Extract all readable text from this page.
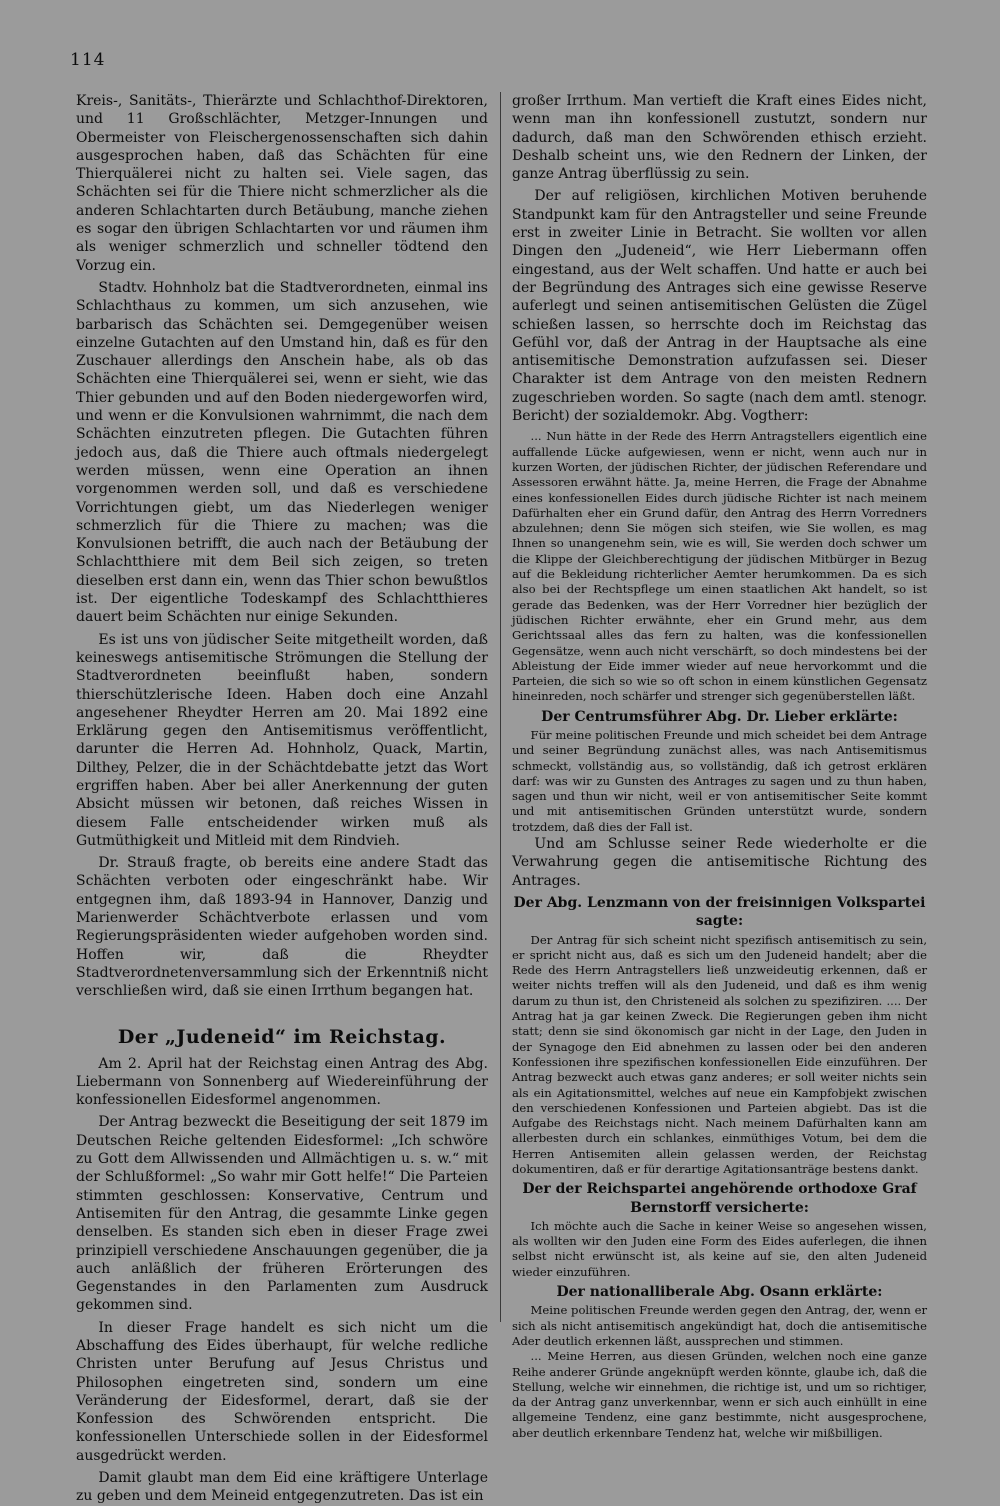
114

Kreis-, Sanitäts-, Thierärzte und Schlachthof-Direktoren, und 11 Großschlächter, Metzger-Innungen und Obermeister von Fleischergenossenschaften sich dahin ausgesprochen haben, daß das Schächten für eine Thierquälerei nicht zu halten sei. Viele sagen, das Schächten sei für die Thiere nicht schmerzlicher als die anderen Schlachtarten durch Betäubung, manche ziehen es sogar den übrigen Schlachtarten vor und räumen ihm als weniger schmerzlich und schneller tödtend den Vorzug ein.

Stadtv. Hohnholz bat die Stadtverordneten, einmal ins Schlachthaus zu kommen, um sich anzusehen, wie barbarisch das Schächten sei. Demgegenüber weisen einzelne Gutachten auf den Umstand hin, daß es für den Zuschauer allerdings den Anschein habe, als ob das Schächten eine Thierquälerei sei, wenn er sieht, wie das Thier gebunden und auf den Boden niedergeworfen wird, und wenn er die Konvulsionen wahrnimmt, die nach dem Schächten einzutreten pflegen. Die Gutachten führen jedoch aus, daß die Thiere auch oftmals niedergelegt werden müssen, wenn eine Operation an ihnen vorgenommen werden soll, und daß es verschiedene Vorrichtungen giebt, um das Niederlegen weniger schmerzlich für die Thiere zu machen; was die Konvulsionen betrifft, die auch nach der Betäubung der Schlachtthiere mit dem Beil sich zeigen, so treten dieselben erst dann ein, wenn das Thier schon bewußtlos ist. Der eigentliche Todeskampf des Schlachtthieres dauert beim Schächten nur einige Sekunden.

Es ist uns von jüdischer Seite mitgetheilt worden, daß keineswegs antisemitische Strömungen die Stellung der Stadtverordneten beeinflußt haben, sondern thierschützlerische Ideen. Haben doch eine Anzahl angesehener Rheydter Herren am 20. Mai 1892 eine Erklärung gegen den Antisemitismus veröffentlicht, darunter die Herren Ad. Hohnholz, Quack, Martin, Dilthey, Pelzer, die in der Schächtdebatte jetzt das Wort ergriffen haben. Aber bei aller Anerkennung der guten Absicht müssen wir betonen, daß reiches Wissen in diesem Falle entscheidender wirken muß als Gutmüthigkeit und Mitleid mit dem Rindvieh.

Dr. Strauß fragte, ob bereits eine andere Stadt das Schächten verboten oder eingeschränkt habe. Wir entgegnen ihm, daß 1893-94 in Hannover, Danzig und Marienwerder Schächtverbote erlassen und vom Regierungspräsidenten wieder aufgehoben worden sind. Hoffen wir, daß die Rheydter Stadtverordnetenversammlung sich der Erkenntniß nicht verschließen wird, daß sie einen Irrthum begangen hat.

Der „Judeneid“ im Reichstag.

Am 2. April hat der Reichstag einen Antrag des Abg. Liebermann von Sonnenberg auf Wiedereinführung der konfessionellen Eidesformel angenommen.

Der Antrag bezweckt die Beseitigung der seit 1879 im Deutschen Reiche geltenden Eidesformel: „Ich schwöre zu Gott dem Allwissenden und Allmächtigen u. s. w.“ mit der Schlußformel: „So wahr mir Gott helfe!“ Die Parteien stimmten geschlossen: Konservative, Centrum und Antisemiten für den Antrag, die gesammte Linke gegen denselben. Es standen sich eben in dieser Frage zwei prinzipiell verschiedene Anschauungen gegenüber, die ja auch anläßlich der früheren Erörterungen des Gegenstandes in den Parlamenten zum Ausdruck gekommen sind.

In dieser Frage handelt es sich nicht um die Abschaffung des Eides überhaupt, für welche redliche Christen unter Berufung auf Jesus Christus und Philosophen eingetreten sind, sondern um eine Veränderung der Eidesformel, derart, daß sie der Konfession des Schwörenden entspricht. Die konfessionellen Unterschiede sollen in der Eidesformel ausgedrückt werden.

Damit glaubt man dem Eid eine kräftigere Unterlage zu geben und dem Meineid entgegenzutreten. Das ist ein

großer Irrthum. Man vertieft die Kraft eines Eides nicht, wenn man ihn konfessionell zustutzt, sondern nur dadurch, daß man den Schwörenden ethisch erzieht. Deshalb scheint uns, wie den Rednern der Linken, der ganze Antrag überflüssig zu sein.

Der auf religiösen, kirchlichen Motiven beruhende Standpunkt kam für den Antragsteller und seine Freunde erst in zweiter Linie in Betracht. Sie wollten vor allen Dingen den „Judeneid“, wie Herr Liebermann offen eingestand, aus der Welt schaffen. Und hatte er auch bei der Begründung des Antrages sich eine gewisse Reserve auferlegt und seinen antisemitischen Gelüsten die Zügel schießen lassen, so herrschte doch im Reichstag das Gefühl vor, daß der Antrag in der Hauptsache als eine antisemitische Demonstration aufzufassen sei. Dieser Charakter ist dem Antrage von den meisten Rednern zugeschrieben worden. So sagte (nach dem amtl. stenogr. Bericht) der sozialdemokr. Abg. Vogtherr:

... Nun hätte in der Rede des Herrn Antragstellers eigentlich eine auffallende Lücke aufgewiesen, wenn er nicht, wenn auch nur in kurzen Worten, der jüdischen Richter, der jüdischen Referendare und Assessoren erwähnt hätte. Ja, meine Herren, die Frage der Abnahme eines konfessionellen Eides durch jüdische Richter ist nach meinem Dafürhalten eher ein Grund dafür, den Antrag des Herrn Vorredners abzulehnen; denn Sie mögen sich steifen, wie Sie wollen, es mag Ihnen so unangenehm sein, wie es will, Sie werden doch schwer um die Klippe der Gleichberechtigung der jüdischen Mitbürger in Bezug auf die Bekleidung richterlicher Aemter herumkommen. Da es sich also bei der Rechtspflege um einen staatlichen Akt handelt, so ist gerade das Bedenken, was der Herr Vorredner hier bezüglich der jüdischen Richter erwähnte, eher ein Grund mehr, aus dem Gerichtssaal alles das fern zu halten, was die konfessionellen Gegensätze, wenn auch nicht verschärft, so doch mindestens bei der Ableistung der Eide immer wieder auf neue hervorkommt und die Parteien, die sich so wie so oft schon in einem künstlichen Gegensatz hineinreden, noch schärfer und strenger sich gegenüberstellen läßt.

Der Centrumsführer Abg. Dr. Lieber erklärte:

Für meine politischen Freunde und mich scheidet bei dem Antrage und seiner Begründung zunächst alles, was nach Antisemitismus schmeckt, vollständig aus, so vollständig, daß ich getrost erklären darf: was wir zu Gunsten des Antrages zu sagen und zu thun haben, sagen und thun wir nicht, weil er von antisemitischer Seite kommt und mit antisemitischen Gründen unterstützt wurde, sondern trotzdem, daß dies der Fall ist.

Und am Schlusse seiner Rede wiederholte er die Verwahrung gegen die antisemitische Richtung des Antrages.

Der Abg. Lenzmann von der freisinnigen Volkspartei sagte:

Der Antrag für sich scheint nicht spezifisch antisemitisch zu sein, er spricht nicht aus, daß es sich um den Judeneid handelt; aber die Rede des Herrn Antragstellers ließ unzweideutig erkennen, daß er weiter nichts treffen will als den Judeneid, und daß es ihm wenig darum zu thun ist, den Christeneid als solchen zu spezifiziren. .... Der Antrag hat ja gar keinen Zweck. Die Regierungen geben ihm nicht statt; denn sie sind ökonomisch gar nicht in der Lage, den Juden in der Synagoge den Eid abnehmen zu lassen oder bei den anderen Konfessionen ihre spezifischen konfessionellen Eide einzuführen. Der Antrag bezweckt auch etwas ganz anderes; er soll weiter nichts sein als ein Agitationsmittel, welches auf neue ein Kampfobjekt zwischen den verschiedenen Konfessionen und Parteien abgiebt. Das ist die Aufgabe des Reichstags nicht. Nach meinem Dafürhalten kann am allerbesten durch ein schlankes, einmüthiges Votum, bei dem die Herren Antisemiten allein gelassen werden, der Reichstag dokumentiren, daß er für derartige Agitationsanträge bestens dankt.

Der der Reichspartei angehörende orthodoxe Graf Bernstorff versicherte:

Ich möchte auch die Sache in keiner Weise so angesehen wissen, als wollten wir den Juden eine Form des Eides auferlegen, die ihnen selbst nicht erwünscht ist, als keine auf sie, den alten Judeneid wieder einzuführen.

Der nationalliberale Abg. Osann erklärte:

Meine politischen Freunde werden gegen den Antrag, der, wenn er sich als nicht antisemitisch angekündigt hat, doch die antisemitische Ader deutlich erkennen läßt, aussprechen und stimmen.

... Meine Herren, aus diesen Gründen, welchen noch eine ganze Reihe anderer Gründe angeknüpft werden könnte, glaube ich, daß die Stellung, welche wir einnehmen, die richtige ist, und um so richtiger, da der Antrag ganz unverkennbar, wenn er sich auch einhüllt in eine allgemeine Tendenz, eine ganz bestimmte, nicht ausgesprochene, aber deutlich erkennbare Tendenz hat, welche wir mißbilligen.
